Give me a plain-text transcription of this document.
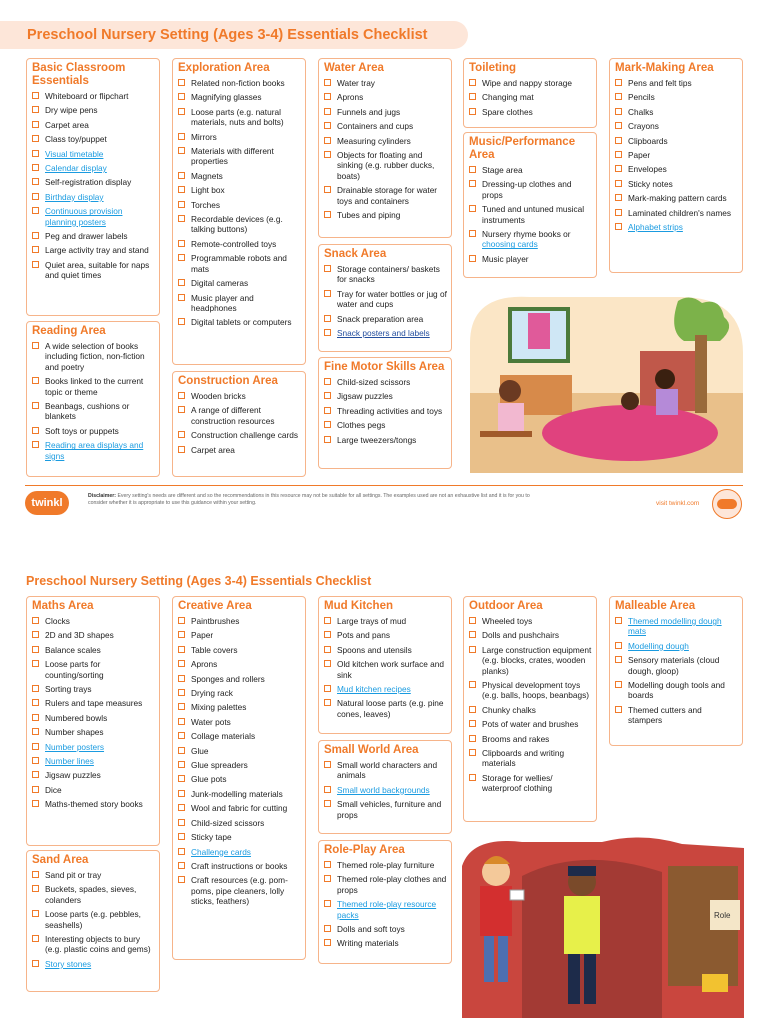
Preschool Nursery Setting (Ages 3-4) Essentials Checklist
Basic Classroom Essentials
Whiteboard or flipchart
Dry wipe pens
Carpet area
Class toy/puppet
Visual timetable
Calendar display
Self-registration display
Birthday display
Continuous provision planning posters
Peg and drawer labels
Large activity tray and stand
Quiet area, suitable for naps and quiet times
Reading Area
A wide selection of books including fiction, non-fiction and poetry
Books linked to the current topic or theme
Beanbags, cushions or blankets
Soft toys or puppets
Reading area displays and signs
Exploration Area
Related non-fiction books
Magnifying glasses
Loose parts (e.g. natural materials, nuts and bolts)
Mirrors
Materials with different properties
Magnets
Light box
Torches
Recordable devices (e.g. talking buttons)
Remote-controlled toys
Programmable robots and mats
Digital cameras
Music player and headphones
Digital tablets or computers
Construction Area
Wooden bricks
A range of different construction resources
Construction challenge cards
Carpet area
Water Area
Water tray
Aprons
Funnels and jugs
Containers and cups
Measuring cylinders
Objects for floating and sinking (e.g. rubber ducks, boats)
Drainable storage for water toys and containers
Tubes and piping
Snack Area
Storage containers/ baskets for snacks
Tray for water bottles or jug of water and cups
Snack preparation area
Snack posters and labels
Fine Motor Skills Area
Child-sized scissors
Jigsaw puzzles
Threading activities and toys
Clothes pegs
Large tweezers/tongs
Toileting
Wipe and nappy storage
Changing mat
Spare clothes
Music/Performance Area
Stage area
Dressing-up clothes and props
Tuned and untuned musical instruments
Nursery rhyme books or choosing cards
Music player
Mark-Making Area
Pens and felt tips
Pencils
Chalks
Crayons
Clipboards
Paper
Envelopes
Sticky notes
Mark-making pattern cards
Laminated children's names
Alphabet strips
twinkl
Disclaimer: Every setting's needs are different and so the recommendations in this resource may not be suitable for all settings. The examples used are not an exhaustive list and it is for you to consider whether it is appropriate to use this guidance within your setting.	visit twinkl.com
Preschool Nursery Setting (Ages 3-4) Essentials Checklist
Maths Area
Clocks
2D and 3D shapes
Balance scales
Loose parts for counting/sorting
Sorting trays
Rulers and tape measures
Numbered bowls
Number shapes
Number posters
Number lines
Jigsaw puzzles
Dice
Maths-themed story books
Sand Area
Sand pit or tray
Buckets, spades, sieves, colanders
Loose parts (e.g. pebbles, seashells)
Interesting objects to bury (e.g. plastic coins and gems)
Story stones
Creative Area
Paintbrushes
Paper
Table covers
Aprons
Sponges and rollers
Drying rack
Mixing palettes
Water pots
Collage materials
Glue
Glue spreaders
Glue pots
Junk-modelling materials
Wool and fabric for cutting
Child-sized scissors
Sticky tape
Challenge cards
Craft instructions or books
Craft resources (e.g. pom-poms, pipe cleaners, lolly sticks, feathers)
Mud Kitchen
Large trays of mud
Pots and pans
Spoons and utensils
Old kitchen work surface and sink
Mud kitchen recipes
Natural loose parts (e.g. pine cones, leaves)
Small World Area
Small world characters and animals
Small world backgrounds
Small vehicles, furniture and props
Role-Play Area
Themed role-play furniture
Themed role-play clothes and props
Themed role-play resource packs
Dolls and soft toys
Writing materials
Outdoor Area
Wheeled toys
Dolls and pushchairs
Large construction equipment (e.g. blocks, crates, wooden planks)
Physical development toys (e.g. balls, hoops, beanbags)
Chunky chalks
Pots of water and brushes
Brooms and rakes
Clipboards and writing materials
Storage for wellies/ waterproof clothing
Malleable Area
Themed modelling dough mats
Modelling dough
Sensory materials (cloud dough, gloop)
Modelling dough tools and boards
Themed cutters and stampers
Role
